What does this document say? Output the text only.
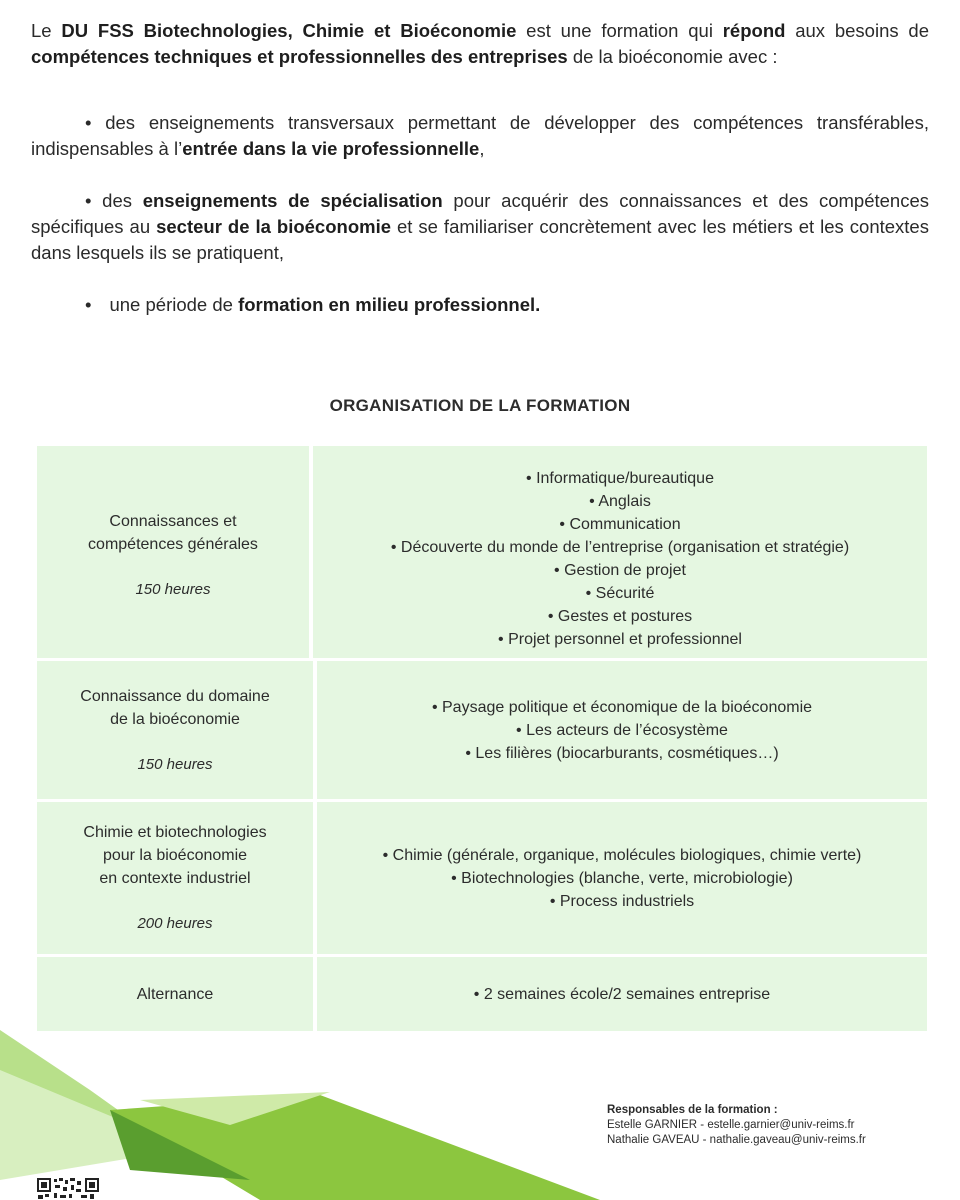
Le DU FSS Biotechnologies, Chimie et Bioéconomie est une formation qui répond aux besoins de compétences techniques et professionnelles des entreprises de la bioéconomie avec :

• des enseignements transversaux permettant de développer des compétences transférables, indispensables à l’entrée dans la vie professionnelle,

• des enseignements de spécialisation pour acquérir des connaissances et des compétences spécifiques au secteur de la bioéconomie et se familiariser concrètement avec les métiers et les contextes dans lesquels ils se pratiquent,

• une période de formation en milieu professionnel.

ORGANISATION DE LA FORMATION
Connaissances et
compétences générales
150 heures
• Informatique/bureautique
• Anglais
• Communication
• Découverte du monde de l’entreprise (organisation et stratégie)
• Gestion de projet
• Sécurité
• Gestes et postures
• Projet personnel et professionnel
Connaissance du domaine
de la bioéconomie
150 heures
• Paysage politique et économique de la bioéconomie
• Les acteurs de l’écosystème
• Les filières (biocarburants, cosmétiques…)
Chimie et biotechnologies
pour la bioéconomie
en contexte industriel
200 heures
• Chimie (générale, organique, molécules biologiques, chimie verte)
• Biotechnologies (blanche, verte, microbiologie)
• Process industriels
Alternance	• 2 semaines école/2 semaines entreprise
Responsables de la formation :
Estelle GARNIER - estelle.garnier@univ-reims.fr
Nathalie GAVEAU - nathalie.gaveau@univ-reims.fr
